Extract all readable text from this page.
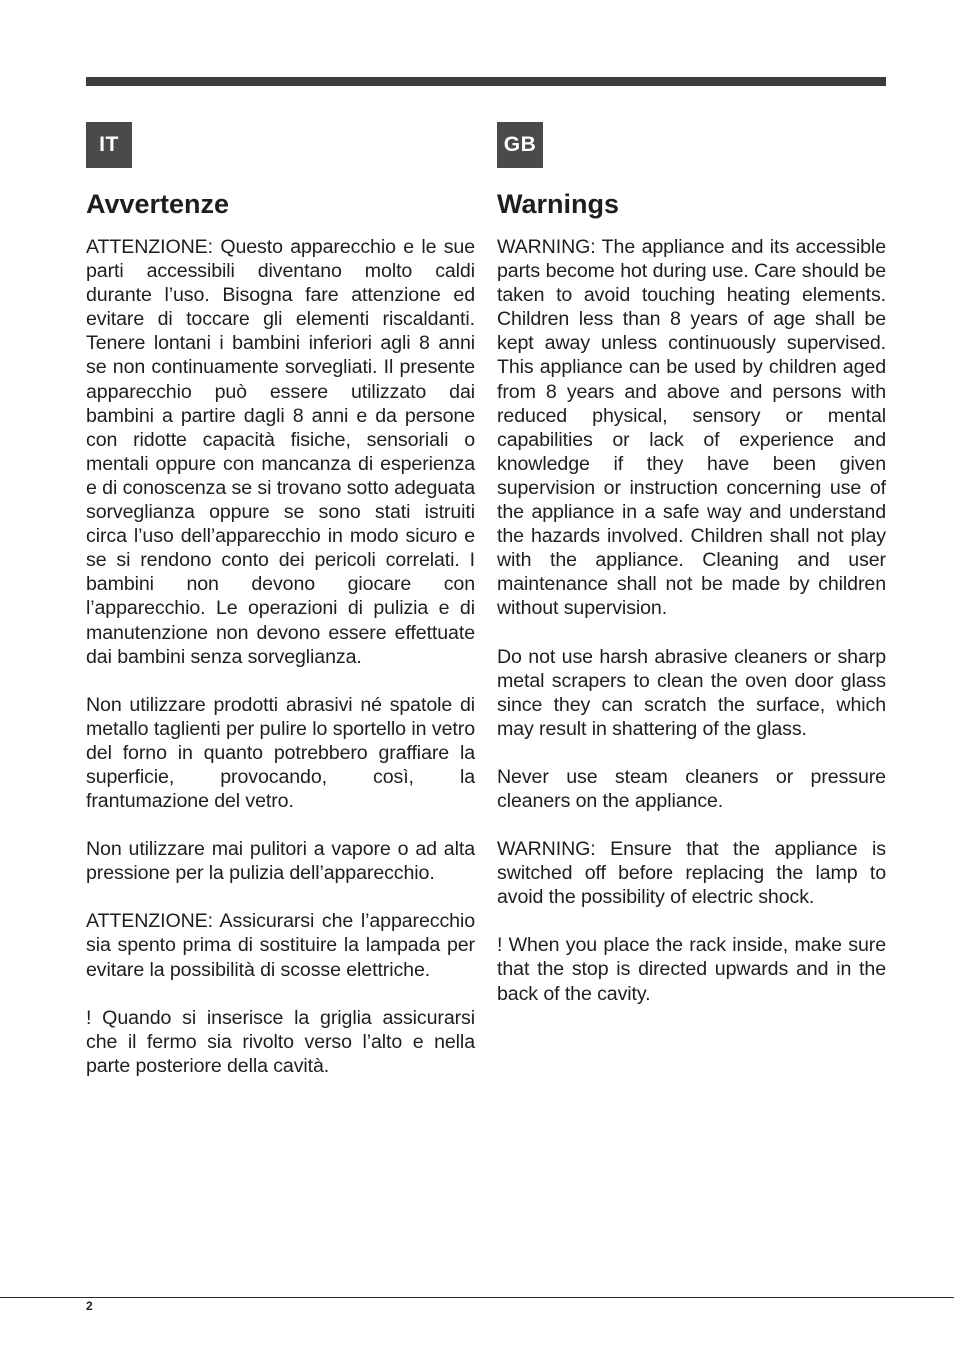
IT
Avvertenze

ATTENZIONE: Questo apparecchio e le sue parti accessibili diventano molto caldi durante l’uso. Bisogna fare attenzione ed evitare di toccare gli elementi riscaldanti. Tenere lontani i bambini inferiori agli 8 anni se non continuamente sorvegliati. Il presente apparecchio può essere utilizzato dai bambini a partire dagli 8 anni e da persone con ridotte capacità fisiche, sensoriali o mentali oppure con mancanza di esperienza e di conoscenza se si trovano sotto adeguata sorveglianza oppure se sono stati istruiti circa l’uso dell’apparecchio in modo sicuro e se si rendono conto dei pericoli correlati. I bambini non devono giocare con l’apparecchio. Le operazioni di pulizia e di manutenzione non devono essere effettuate dai bambini senza sorveglianza.

Non utilizzare prodotti abrasivi né spatole di metallo taglienti per pulire lo sportello in vetro del forno in quanto potrebbero graffiare la superficie, provocando, così, la frantumazione del vetro.

Non utilizzare mai pulitori a vapore o ad alta pressione per la pulizia dell’apparecchio.

ATTENZIONE: Assicurarsi che l’apparecchio sia spento prima di sostituire la lampada per evitare la possibilità di scosse elettriche.

! Quando si inserisce la griglia assicurarsi che il fermo sia rivolto verso l’alto e nella parte posteriore della cavità.

GB
Warnings

WARNING: The appliance and its accessible parts become hot during use. Care should be taken to avoid touching heating elements. Children less than 8 years of age shall be kept away unless continuously supervised. This appliance can be used by children aged from 8 years and above and persons with reduced physical, sensory or mental capabilities or lack of experience and knowledge if they have been given supervision or instruction concerning use of the appliance in a safe way and understand the hazards involved. Children shall not play with the appliance. Cleaning and user maintenance shall not be made by children without supervision.

Do not use harsh abrasive cleaners or sharp metal scrapers to clean the oven door glass since they can scratch the surface, which may result in shattering of the glass.

Never use steam cleaners or pressure cleaners on the appliance.

WARNING: Ensure that the appliance is switched off before replacing the lamp to avoid the possibility of electric shock.

! When you place the rack inside, make sure that the stop is directed upwards and in the back of the cavity.

2
